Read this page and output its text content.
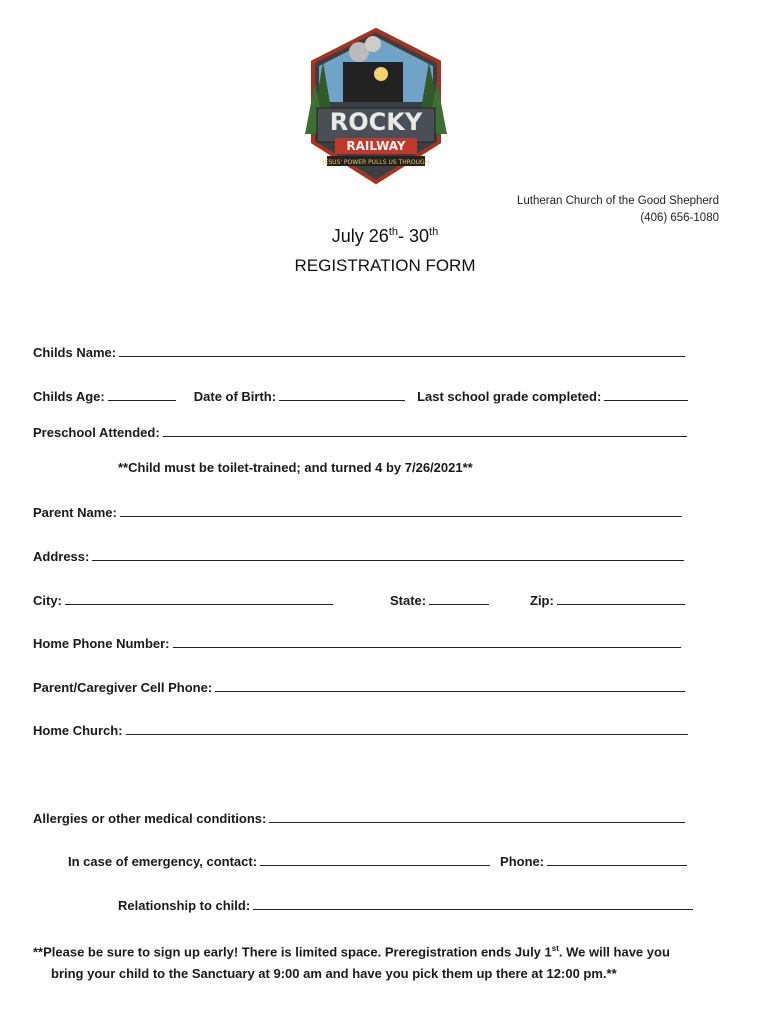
ROCKY
RAILWAY
JESUS' POWER PULLS US THROUGH
Lutheran Church of the Good Shepherd
(406) 656-1080
July 26th- 30th
REGISTRATION FORM
Childs Name:
Childs Age:	Date of Birth:	Last school grade completed:
Preschool Attended:
**Child must be toilet-trained; and turned 4 by 7/26/2021**
Parent Name:
Address:
City:	State:	Zip:
Home Phone Number:
Parent/Caregiver Cell Phone:
Home Church:
Allergies or other medical conditions:
In case of emergency, contact:	Phone:
Relationship to child:
**Please be sure to sign up early! There is limited space. Preregistration ends July 1st. We will have you
bring your child to the Sanctuary at 9:00 am and have you pick them up there at 12:00 pm.**
